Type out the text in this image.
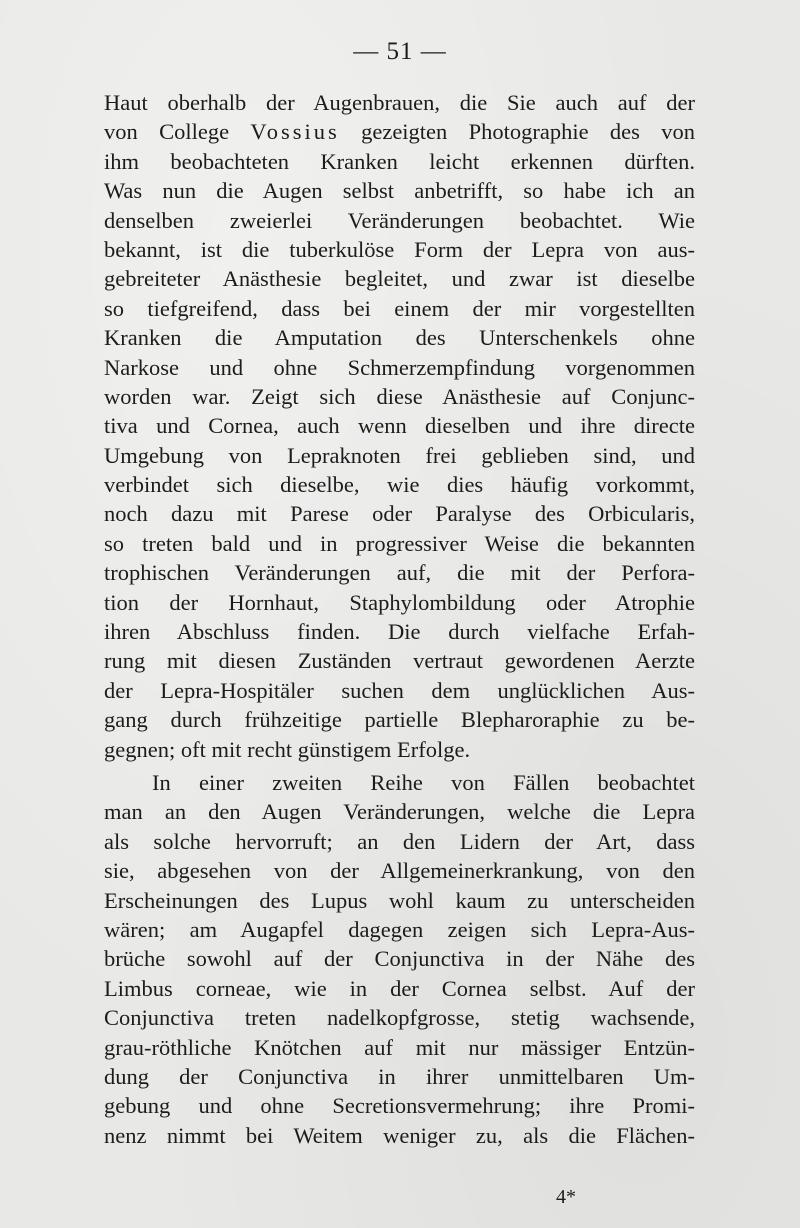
— 51 —
Haut oberhalb der Augenbrauen, die Sie auch auf der
von College Vossius gezeigten Photographie des von
ihm beobachteten Kranken leicht erkennen dürften.
Was nun die Augen selbst anbetrifft, so habe ich an
denselben zweierlei Veränderungen beobachtet. Wie
bekannt, ist die tuberkulöse Form der Lepra von aus-
gebreiteter Anästhesie begleitet, und zwar ist dieselbe
so tiefgreifend, dass bei einem der mir vorgestellten
Kranken die Amputation des Unterschenkels ohne
Narkose und ohne Schmerzempfindung vorgenommen
worden war. Zeigt sich diese Anästhesie auf Conjunc-
tiva und Cornea, auch wenn dieselben und ihre directe
Umgebung von Lepraknoten frei geblieben sind, und
verbindet sich dieselbe, wie dies häufig vorkommt,
noch dazu mit Parese oder Paralyse des Orbicularis,
so treten bald und in progressiver Weise die bekannten
trophischen Veränderungen auf, die mit der Perfora-
tion der Hornhaut, Staphylombildung oder Atrophie
ihren Abschluss finden. Die durch vielfache Erfah-
rung mit diesen Zuständen vertraut gewordenen Aerzte
der Lepra-Hospitäler suchen dem unglücklichen Aus-
gang durch frühzeitige partielle Blepharoraphie zu be-
gegnen; oft mit recht günstigem Erfolge.
In einer zweiten Reihe von Fällen beobachtet
man an den Augen Veränderungen, welche die Lepra
als solche hervorruft; an den Lidern der Art, dass
sie, abgesehen von der Allgemeinerkrankung, von den
Erscheinungen des Lupus wohl kaum zu unterscheiden
wären; am Augapfel dagegen zeigen sich Lepra-Aus-
brüche sowohl auf der Conjunctiva in der Nähe des
Limbus corneae, wie in der Cornea selbst. Auf der
Conjunctiva treten nadelkopfgrosse, stetig wachsende,
grau-röthliche Knötchen auf mit nur mässiger Entzün-
dung der Conjunctiva in ihrer unmittelbaren Um-
gebung und ohne Secretionsvermehrung; ihre Promi-
nenz nimmt bei Weitem weniger zu, als die Flächen-
4*
